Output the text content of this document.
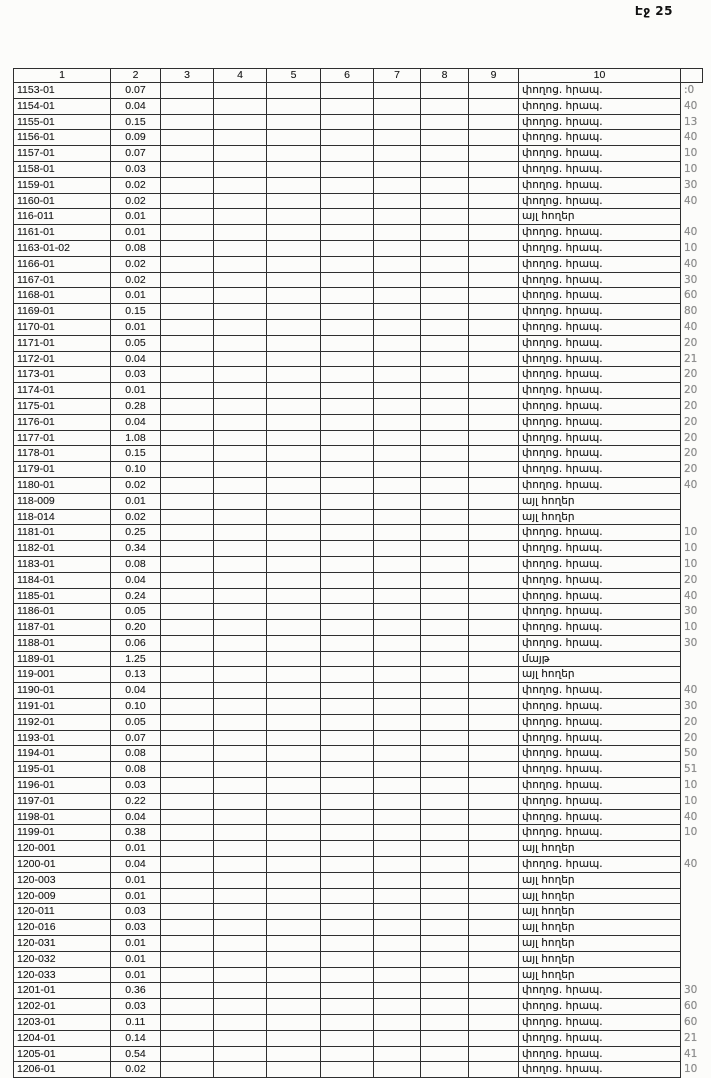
Էջ 25
1	2	3	4	5	6	7	8	9	10	
1153-01	0.07								փողոց. հրապ.	:0
1154-01	0.04								փողոց. հրապ.	40
1155-01	0.15								փողոց. հրապ.	13
1156-01	0.09								փողոց. հրապ.	40
1157-01	0.07								փողոց. հրապ.	10
1158-01	0.03								փողոց. հրապ.	10
1159-01	0.02								փողոց. հրապ.	30
1160-01	0.02								փողոց. հրապ.	40
116-011	0.01								այլ հողեր	
1161-01	0.01								փողոց. հրապ.	40
1163-01-02	0.08								փողոց. հրապ.	10
1166-01	0.02								փողոց. հրապ.	40
1167-01	0.02								փողոց. հրապ.	30
1168-01	0.01								փողոց. հրապ.	60
1169-01	0.15								փողոց. հրապ.	80
1170-01	0.01								փողոց. հրապ.	40
1171-01	0.05								փողոց. հրապ.	20
1172-01	0.04								փողոց. հրապ.	21
1173-01	0.03								փողոց. հրապ.	20
1174-01	0.01								փողոց. հրապ.	20
1175-01	0.28								փողոց. հրապ.	20
1176-01	0.04								փողոց. հրապ.	20
1177-01	1.08								փողոց. հրապ.	20
1178-01	0.15								փողոց. հրապ.	20
1179-01	0.10								փողոց. հրապ.	20
1180-01	0.02								փողոց. հրապ.	40
118-009	0.01								այլ հողեր	
118-014	0.02								այլ հողեր	
1181-01	0.25								փողոց. հրապ.	10
1182-01	0.34								փողոց. հրապ.	10
1183-01	0.08								փողոց. հրապ.	10
1184-01	0.04								փողոց. հրապ.	20
1185-01	0.24								փողոց. հրապ.	40
1186-01	0.05								փողոց. հրապ.	30
1187-01	0.20								փողոց. հրապ.	10
1188-01	0.06								փողոց. հրապ.	30
1189-01	1.25								մայթ	
119-001	0.13								այլ հողեր	
1190-01	0.04								փողոց. հրապ.	40
1191-01	0.10								փողոց. հրապ.	30
1192-01	0.05								փողոց. հրապ.	20
1193-01	0.07								փողոց. հրապ.	20
1194-01	0.08								փողոց. հրապ.	50
1195-01	0.08								փողոց. հրապ.	51
1196-01	0.03								փողոց. հրապ.	10
1197-01	0.22								փողոց. հրապ.	10
1198-01	0.04								փողոց. հրապ.	40
1199-01	0.38								փողոց. հրապ.	10
120-001	0.01								այլ հողեր	
1200-01	0.04								փողոց. հրապ.	40
120-003	0.01								այլ հողեր	
120-009	0.01								այլ հողեր	
120-011	0.03								այլ հողեր	
120-016	0.03								այլ հողեր	
120-031	0.01								այլ հողեր	
120-032	0.01								այլ հողեր	
120-033	0.01								այլ հողեր	
1201-01	0.36								փողոց. հրապ.	30
1202-01	0.03								փողոց. հրապ.	60
1203-01	0.11								փողոց. հրապ.	60
1204-01	0.14								փողոց. հրապ.	21
1205-01	0.54								փողոց. հրապ.	41
1206-01	0.02								փողոց. հրապ.	10
